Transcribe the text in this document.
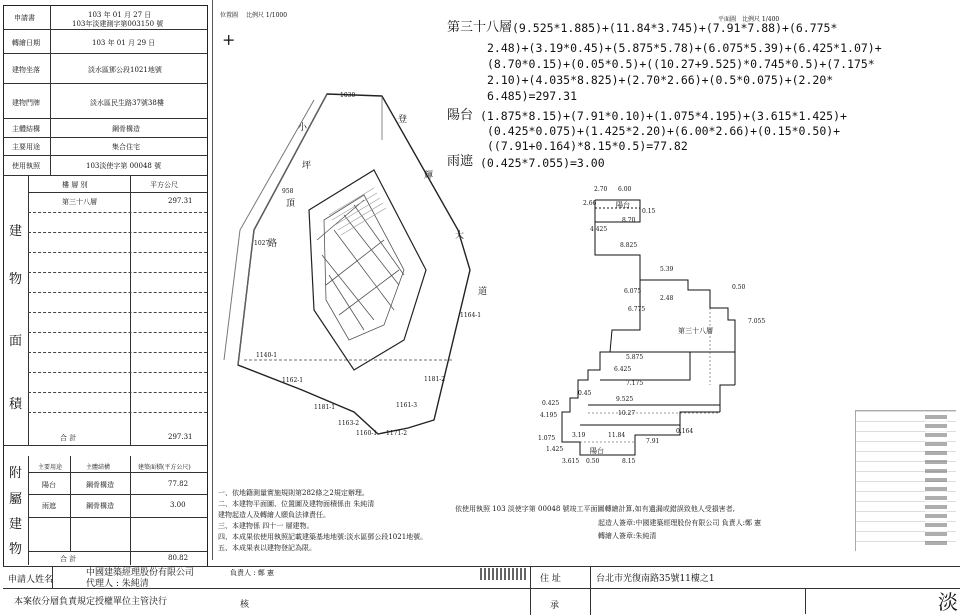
申請書	103 年 01 月 27 日
103年淡建測字第003150 號
轉繪日期	103 年 01 月 29 日
建物坐落	淡水區鄧公段1021地號
建物門牌	淡水區民生路37號38樓
主體結構	鋼骨構造
主要用途	集合住宅
使用執照	103淡使字第 00048 號
樓 層 別	平方公尺
第三十八層	297.31
建
物
面
積
合 計	297.31
主要用途	主體結構	建築面積(平方公尺)
陽台	鋼骨構造	77.82
雨遮	鋼骨構造	3.00
附
屬
建
物
合 計	80.82
申請人姓名
中國建築經理股份有限公司
代理人 : 朱純清
負責人 : 鄭 憲
本案依分層負責規定授權單位主管決行	核
住 址	台北市光復南路35號11樓之1
承	淡
位置圖 比例尺 1/1000
+
1030
小
坪
頂
路
登
輝
大
道
958
1027
1164-1
1140-1
1162-1
1181-1
1181-2
1163-2
1160-1
1161-3
1171-2
平面圖 比例尺 1/400
第三十八層 (9.525*1.885)+(11.84*3.745)+(7.91*7.88)+(6.775*
2.48)+(3.19*0.45)+(5.875*5.78)+(6.075*5.39)+(6.425*1.07)+
(8.70*0.15)+(0.05*0.5)+((10.27+9.525)*0.745*0.5)+(7.175*
2.10)+(4.035*8.825)+(2.70*2.66)+(0.5*0.075)+(2.20*
6.485)=297.31
陽台 (1.875*8.15)+(7.91*0.10)+(1.075*4.195)+(3.615*1.425)+
(0.425*0.075)+(1.425*2.20)+(6.00*2.66)+(0.15*0.50)+
((7.91+0.164)*8.15*0.5)=77.82
雨遮 (0.425*7.055)=3.00
陽台
第三十八層
陽台
2.70 6.00
8.70
2.66
0.15
4.425
8.825
5.39
6.075
0.50
2.48
6.775
7.055
5.875
6.425
7.175
9.525
10.27
11.84
3.19
1.075
3.615	8.15
0.164
0.50
1.425
4.195
7.91
0.45
0.425
一、依地籍測量實施規則第282條之2規定辦理。
二、本建物平面圖、位置圖及建物面積係由 朱純清
建物起造人及轉繪人願負法律責任。
三、本建物係 四十一 層建物。
四、本成果依使用執照記載建築基地地號:淡水區鄧公段1021地號。
五、本成果表以建物登記為限。
依使用執照 103 淡使字第 00048 號竣工平面圖轉繪計算,如有遺漏或錯誤致他人受損害者,
起造人簽章:中國建築經理股份有限公司 負責人:鄭 憲
轉繪人簽章:朱純清
